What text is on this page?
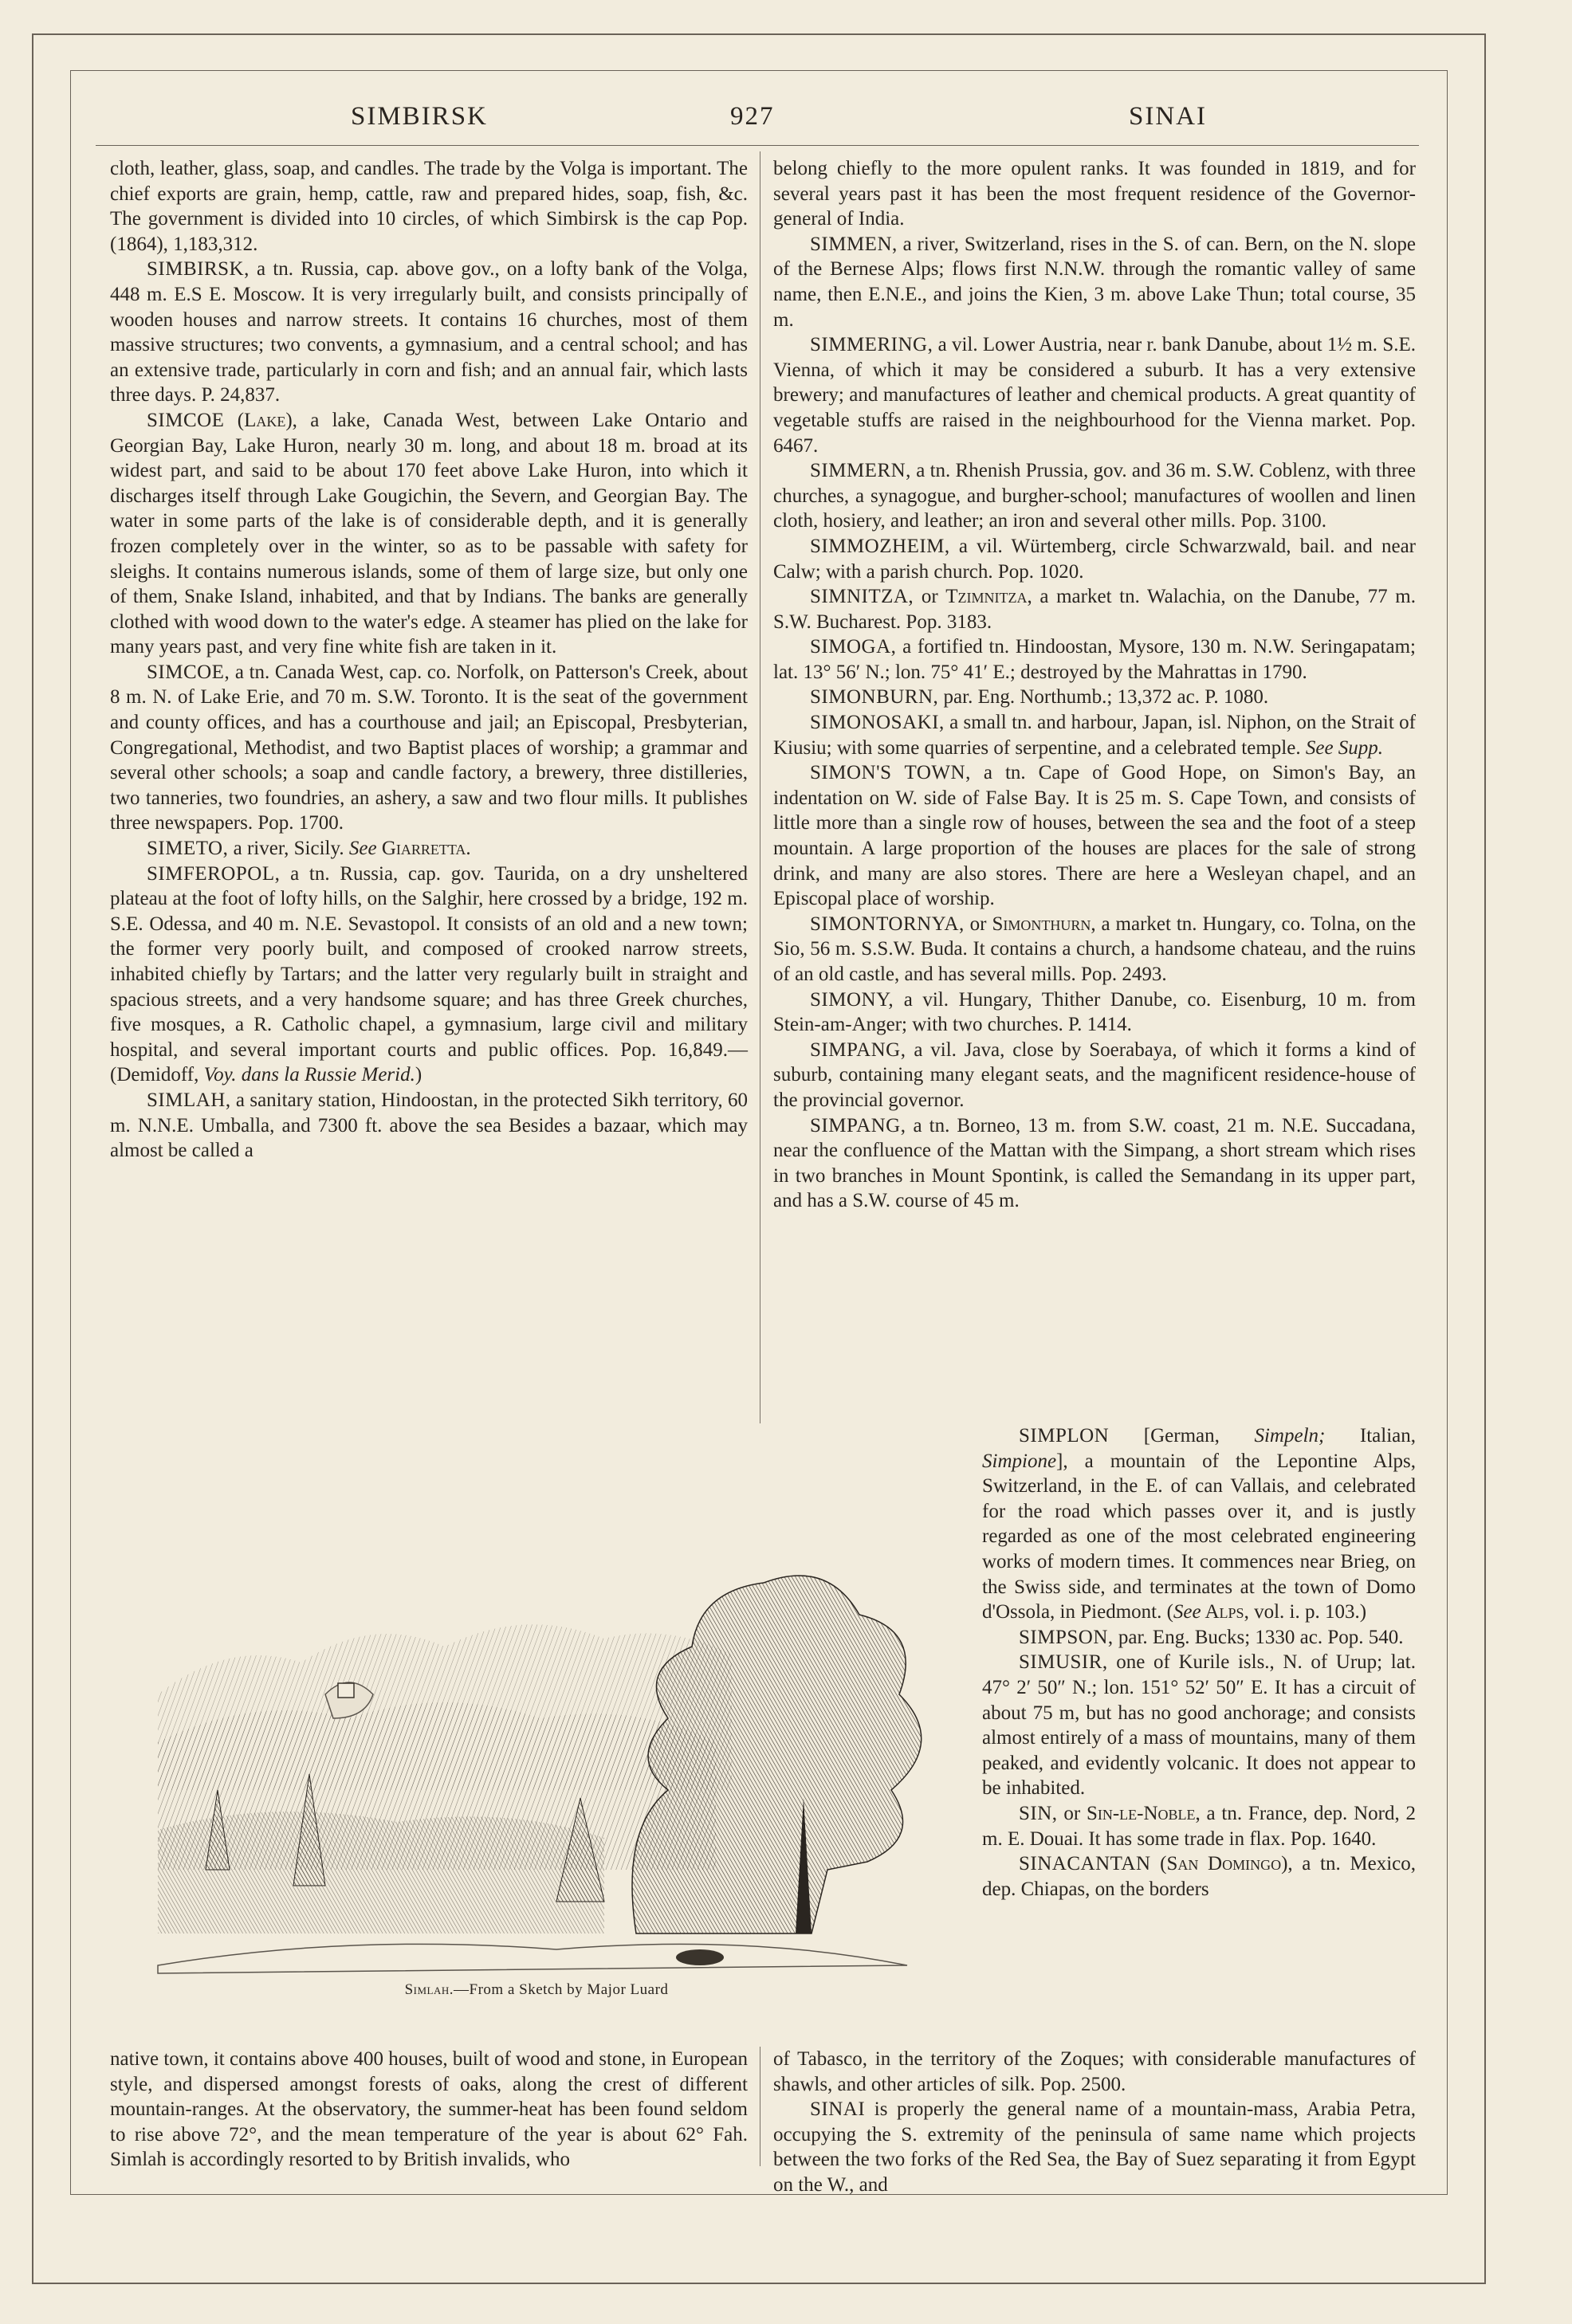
SIMBIRSK	927	SINAI

cloth, leather, glass, soap, and candles. The trade by the Volga is important. The chief exports are grain, hemp, cattle, raw and prepared hides, soap, fish, &c. The government is divided into 10 circles, of which Simbirsk is the cap Pop. (1864), 1,183,312.

SIMBIRSK, a tn. Russia, cap. above gov., on a lofty bank of the Volga, 448 m. E.S E. Moscow. It is very irregularly built, and consists principally of wooden houses and narrow streets. It contains 16 churches, most of them massive structures; two convents, a gymnasium, and a central school; and has an extensive trade, particularly in corn and fish; and an annual fair, which lasts three days. P. 24,837.

SIMCOE (Lake), a lake, Canada West, between Lake Ontario and Georgian Bay, Lake Huron, nearly 30 m. long, and about 18 m. broad at its widest part, and said to be about 170 feet above Lake Huron, into which it discharges itself through Lake Gougichin, the Severn, and Georgian Bay. The water in some parts of the lake is of considerable depth, and it is generally frozen completely over in the winter, so as to be passable with safety for sleighs. It contains numerous islands, some of them of large size, but only one of them, Snake Island, inhabited, and that by Indians. The banks are generally clothed with wood down to the water's edge. A steamer has plied on the lake for many years past, and very fine white fish are taken in it.

SIMCOE, a tn. Canada West, cap. co. Norfolk, on Patterson's Creek, about 8 m. N. of Lake Erie, and 70 m. S.W. Toronto. It is the seat of the government and county offices, and has a courthouse and jail; an Episcopal, Presbyterian, Congregational, Methodist, and two Baptist places of worship; a grammar and several other schools; a soap and candle factory, a brewery, three distilleries, two tanneries, two foundries, an ashery, a saw and two flour mills. It publishes three newspapers. Pop. 1700.

SIMETO, a river, Sicily. See Giarretta.

SIMFEROPOL, a tn. Russia, cap. gov. Taurida, on a dry unsheltered plateau at the foot of lofty hills, on the Salghir, here crossed by a bridge, 192 m. S.E. Odessa, and 40 m. N.E. Sevastopol. It consists of an old and a new town; the former very poorly built, and composed of crooked narrow streets, inhabited chiefly by Tartars; and the latter very regularly built in straight and spacious streets, and a very handsome square; and has three Greek churches, five mosques, a R. Catholic chapel, a gymnasium, large civil and military hospital, and several important courts and public offices. Pop. 16,849.—(Demidoff, Voy. dans la Russie Merid.)

SIMLAH, a sanitary station, Hindoostan, in the protected Sikh territory, 60 m. N.N.E. Umballa, and 7300 ft. above the sea Besides a bazaar, which may almost be called a

belong chiefly to the more opulent ranks. It was founded in 1819, and for several years past it has been the most frequent residence of the Governor-general of India.

SIMMEN, a river, Switzerland, rises in the S. of can. Bern, on the N. slope of the Bernese Alps; flows first N.N.W. through the romantic valley of same name, then E.N.E., and joins the Kien, 3 m. above Lake Thun; total course, 35 m.

SIMMERING, a vil. Lower Austria, near r. bank Danube, about 1½ m. S.E. Vienna, of which it may be considered a suburb. It has a very extensive brewery; and manufactures of leather and chemical products. A great quantity of vegetable stuffs are raised in the neighbourhood for the Vienna market. Pop. 6467.

SIMMERN, a tn. Rhenish Prussia, gov. and 36 m. S.W. Coblenz, with three churches, a synagogue, and burgher-school; manufactures of woollen and linen cloth, hosiery, and leather; an iron and several other mills. Pop. 3100.

SIMMOZHEIM, a vil. Würtemberg, circle Schwarzwald, bail. and near Calw; with a parish church. Pop. 1020.

SIMNITZA, or Tzimnitza, a market tn. Walachia, on the Danube, 77 m. S.W. Bucharest. Pop. 3183.

SIMOGA, a fortified tn. Hindoostan, Mysore, 130 m. N.W. Seringapatam; lat. 13° 56′ N.; lon. 75° 41′ E.; destroyed by the Mahrattas in 1790.

SIMONBURN, par. Eng. Northumb.; 13,372 ac. P. 1080.

SIMONOSAKI, a small tn. and harbour, Japan, isl. Niphon, on the Strait of Kiusiu; with some quarries of serpentine, and a celebrated temple. See Supp.

SIMON'S TOWN, a tn. Cape of Good Hope, on Simon's Bay, an indentation on W. side of False Bay. It is 25 m. S. Cape Town, and consists of little more than a single row of houses, between the sea and the foot of a steep mountain. A large proportion of the houses are places for the sale of strong drink, and many are also stores. There are here a Wesleyan chapel, and an Episcopal place of worship.

SIMONTORNYA, or Simonthurn, a market tn. Hungary, co. Tolna, on the Sio, 56 m. S.S.W. Buda. It contains a church, a handsome chateau, and the ruins of an old castle, and has several mills. Pop. 2493.

SIMONY, a vil. Hungary, Thither Danube, co. Eisenburg, 10 m. from Stein-am-Anger; with two churches. P. 1414.

SIMPANG, a vil. Java, close by Soerabaya, of which it forms a kind of suburb, containing many elegant seats, and the magnificent residence-house of the provincial governor.

SIMPANG, a tn. Borneo, 13 m. from S.W. coast, 21 m. N.E. Succadana, near the confluence of the Mattan with the Simpang, a short stream which rises in two branches in Mount Spontink, is called the Semandang in its upper part, and has a S.W. course of 45 m.

SIMPLON [German, Simpeln; Italian, Simpione], a mountain of the Lepontine Alps, Switzerland, in the E. of can Vallais, and celebrated for the road which passes over it, and is justly regarded as one of the most celebrated engineering works of modern times. It commences near Brieg, on the Swiss side, and terminates at the town of Domo d'Ossola, in Piedmont. (See Alps, vol. i. p. 103.)

SIMPSON, par. Eng. Bucks; 1330 ac. Pop. 540.

SIMUSIR, one of Kurile isls., N. of Urup; lat. 47° 2′ 50″ N.; lon. 151° 52′ 50″ E. It has a circuit of about 75 m, but has no good anchorage; and consists almost entirely of a mass of mountains, many of them peaked, and evidently volcanic. It does not appear to be inhabited.

SIN, or Sin-le-Noble, a tn. France, dep. Nord, 2 m. E. Douai. It has some trade in flax. Pop. 1640.

SINACANTAN (San Domingo), a tn. Mexico, dep. Chiapas, on the borders

native town, it contains above 400 houses, built of wood and stone, in European style, and dispersed amongst forests of oaks, along the crest of different mountain-ranges. At the observatory, the summer-heat has been found seldom to rise above 72°, and the mean temperature of the year is about 62° Fah. Simlah is accordingly resorted to by British invalids, who

of Tabasco, in the territory of the Zoques; with considerable manufactures of shawls, and other articles of silk. Pop. 2500.

SINAI is properly the general name of a mountain-mass, Arabia Petra, occupying the S. extremity of the peninsula of same name which projects between the two forks of the Red Sea, the Bay of Suez separating it from Egypt on the W., and

Simlah.—From a Sketch by Major Luard
